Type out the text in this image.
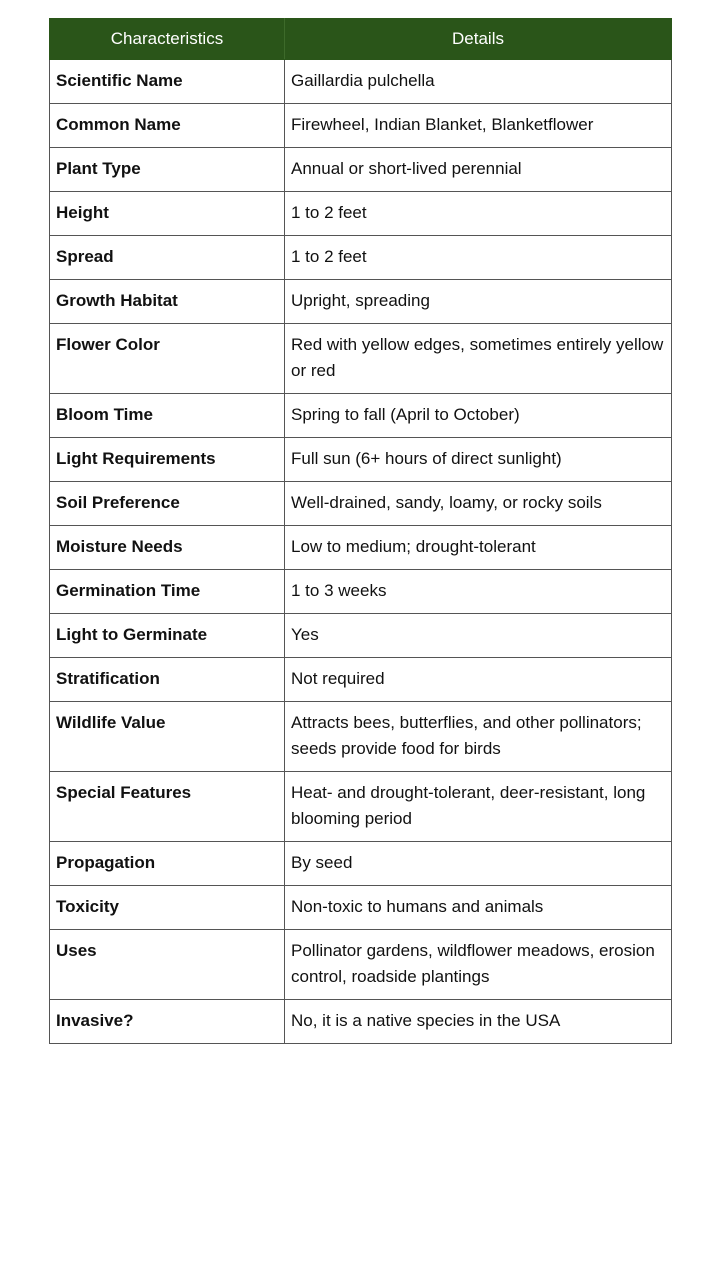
Characteristics	Details
Scientific Name	Gaillardia pulchella
Common Name	Firewheel, Indian Blanket, Blanketflower
Plant Type	Annual or short-lived perennial
Height	1 to 2 feet
Spread	1 to 2 feet
Growth Habitat	Upright, spreading
Flower Color	Red with yellow edges, sometimes entirely yellow or red
Bloom Time	Spring to fall (April to October)
Light Requirements	Full sun (6+ hours of direct sunlight)
Soil Preference	Well-drained, sandy, loamy, or rocky soils
Moisture Needs	Low to medium; drought-tolerant
Germination Time	1 to 3 weeks
Light to Germinate	Yes
Stratification	Not required
Wildlife Value	Attracts bees, butterflies, and other pollinators; seeds provide food for birds
Special Features	Heat- and drought-tolerant, deer-resistant, long blooming period
Propagation	By seed
Toxicity	Non-toxic to humans and animals
Uses	Pollinator gardens, wildflower meadows, erosion control, roadside plantings
Invasive?	No, it is a native species in the USA
